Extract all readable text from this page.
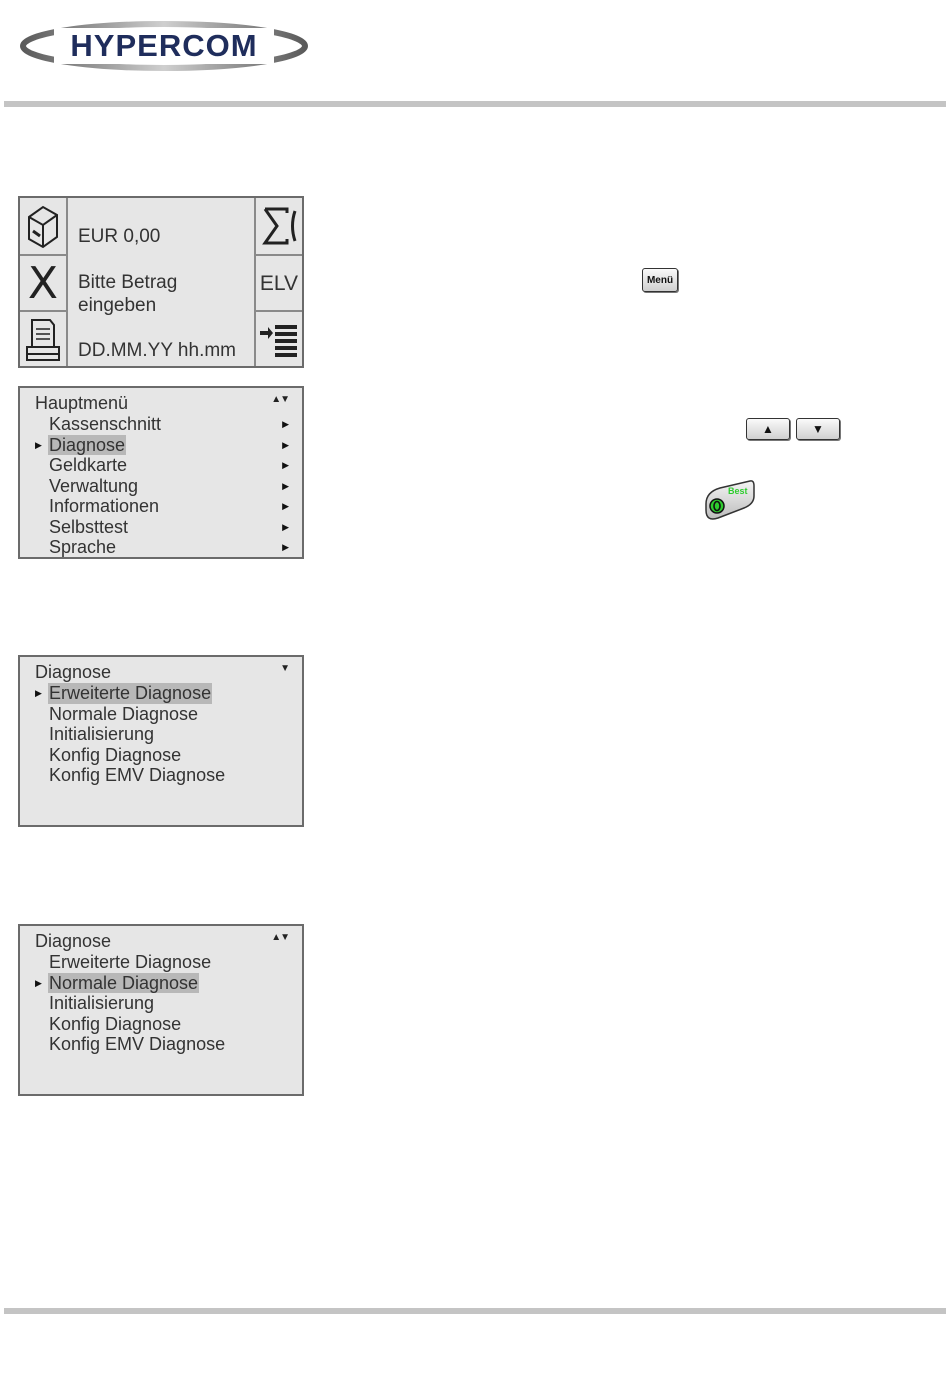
HYPERCOM
X
EUR 0,00
Bitte Betrag
eingeben
DD.MM.YY hh.mm
ELV
Hauptmenü	▲▼
Kassenschnitt	▶
▶ Diagnose	▶
Geldkarte	▶
Verwaltung	▶
Informationen	▶
Selbsttest	▶
Sprache	▶
Diagnose	▼
▶ Erweiterte Diagnose
Normale Diagnose
Initialisierung
Konfig Diagnose
Konfig EMV Diagnose
Diagnose	▲▼
Erweiterte Diagnose
▶ Normale Diagnose
Initialisierung
Konfig Diagnose
Konfig EMV Diagnose
Menü
▲	▼
Best
